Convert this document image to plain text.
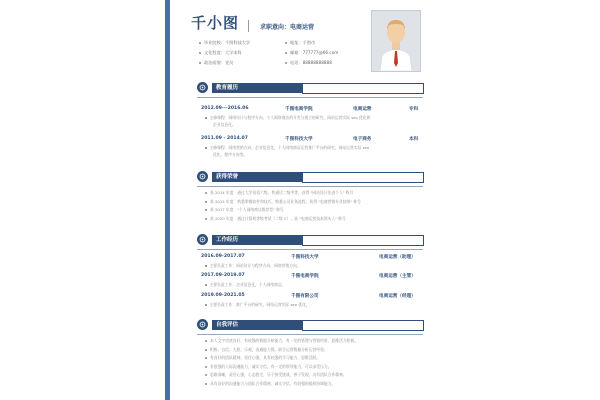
千小图	求职意向：电商运营
毕业院校：千图科技大学	地址：千图市
文化程度：大学本科	邮箱：777777@66.com
政治面貌：党员	电话：88888888888
教育履历
2012.09---2016.06	千图电商学院	电商运营	专科
主修课程：网络设计与程序方向，个人网络商店的开发与建立的研究，网站运营实际 seo 优化和
企业信息化。
2011.09 - 2014.07	千图科技大学	电子商务	本科
主修课程：网络营销方向，企业信息化，个人网络商店运营推广平台的研究，网站运营实际 seo
优化，程序方向等。
获得荣誉
获 2014 年度　通过大学英语六级，普通话二级甲等，获得 "网站设计先进个人" 称号
获 2015 年度　熟悉掌握软件和技巧，熟悉公司业务流程，获得 "电商营销专业技师" 称号
获 2017 年度　"个人网络商店推荐型" 称号
获 2020 年度　通过计算机等级考试（二级 C），获 "电商运营技术领头人" 称号
工作经历
2016.09-2017.07	千图科技大学	电商运营（助理）
主要负责工作：网站设计与程序方向，网络营销方向。
2017.09-2019.07	千图电商学院	电商运营（主管）
主要负责工作：企业信息化，个人网络商店。
2019.09-2021.05	千图有限公司	电商运营（经理）
主要负责工作：推广平台的研究，网站运营实际 seo 优化。
自我评估
本人文字功底良好，有较强的数据分析能力，有一定的管理与营销经验，思维活力积极。
积极、自信、大胆、乐观，沟通能力强，联合运营数据分析运营经验；
有良好的团队精神，责任心强，具有较强的学习能力，思维活跃。
有很强的人际沟通能力，诚实守信，有一定的领导能力，可以承受压力。
思路清晰，责任心强，心态稳定，乐于接受挑战，善于发现，具有团队合作精神。
具有良好的沟通能力与团队合作精神，诚实守信，有较强的组织协调能力。
